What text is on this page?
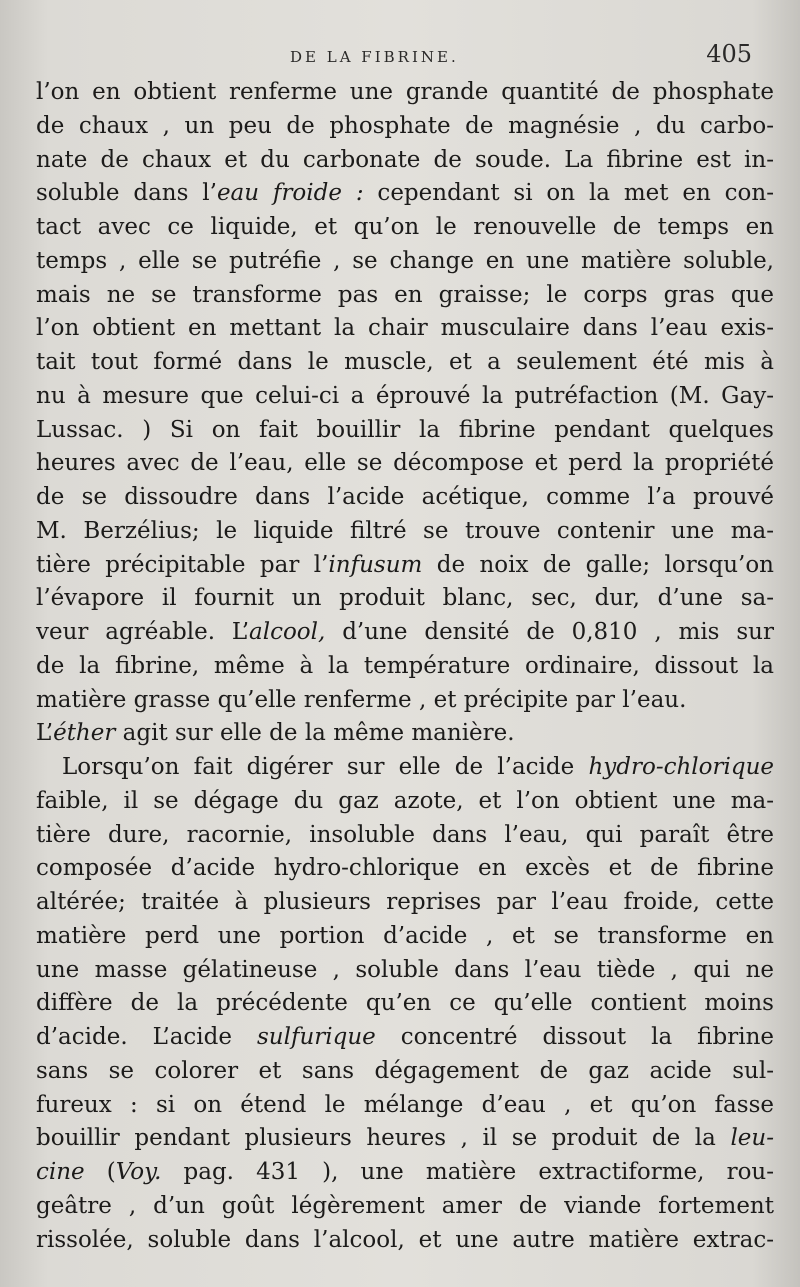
DE LA FIBRINE.	405
l’on en obtient renferme une grande quantité de phosphate
de chaux , un peu de phosphate de magnésie , du carbo-
nate de chaux et du carbonate de soude. La fibrine est in-
soluble dans l’eau froide : cependant si on la met en con-
tact avec ce liquide, et qu’on le renouvelle de temps en
temps , elle se putréfie , se change en une matière soluble,
mais ne se transforme pas en graisse; le corps gras que
l’on obtient en mettant la chair musculaire dans l’eau exis-
tait tout formé dans le muscle, et a seulement été mis à
nu à mesure que celui-ci a éprouvé la putréfaction (M. Gay-
Lussac. ) Si on fait bouillir la fibrine pendant quelques
heures avec de l’eau, elle se décompose et perd la propriété
de se dissoudre dans l’acide acétique, comme l’a prouvé
M. Berzélius; le liquide filtré se trouve contenir une ma-
tière précipitable par l’infusum de noix de galle; lorsqu’on
l’évapore il fournit un produit blanc, sec, dur, d’une sa-
veur agréable. L’alcool, d’une densité de 0,810 , mis sur
de la fibrine, même à la température ordinaire, dissout la
matière grasse qu’elle renferme , et précipite par l’eau.
L’éther agit sur elle de la même manière.
Lorsqu’on fait digérer sur elle de l’acide hydro-chlorique
faible, il se dégage du gaz azote, et l’on obtient une ma-
tière dure, racornie, insoluble dans l’eau, qui paraît être
composée d’acide hydro-chlorique en excès et de fibrine
altérée; traitée à plusieurs reprises par l’eau froide, cette
matière perd une portion d’acide , et se transforme en
une masse gélatineuse , soluble dans l’eau tiède , qui ne
diffère de la précédente qu’en ce qu’elle contient moins
d’acide. L’acide sulfurique concentré dissout la fibrine
sans se colorer et sans dégagement de gaz acide sul-
fureux : si on étend le mélange d’eau , et qu’on fasse
bouillir pendant plusieurs heures , il se produit de la leu-
cine (Voy. pag. 431 ), une matière extractiforme, rou-
geâtre , d’un goût légèrement amer de viande fortement
rissolée, soluble dans l’alcool, et une autre matière extrac-
